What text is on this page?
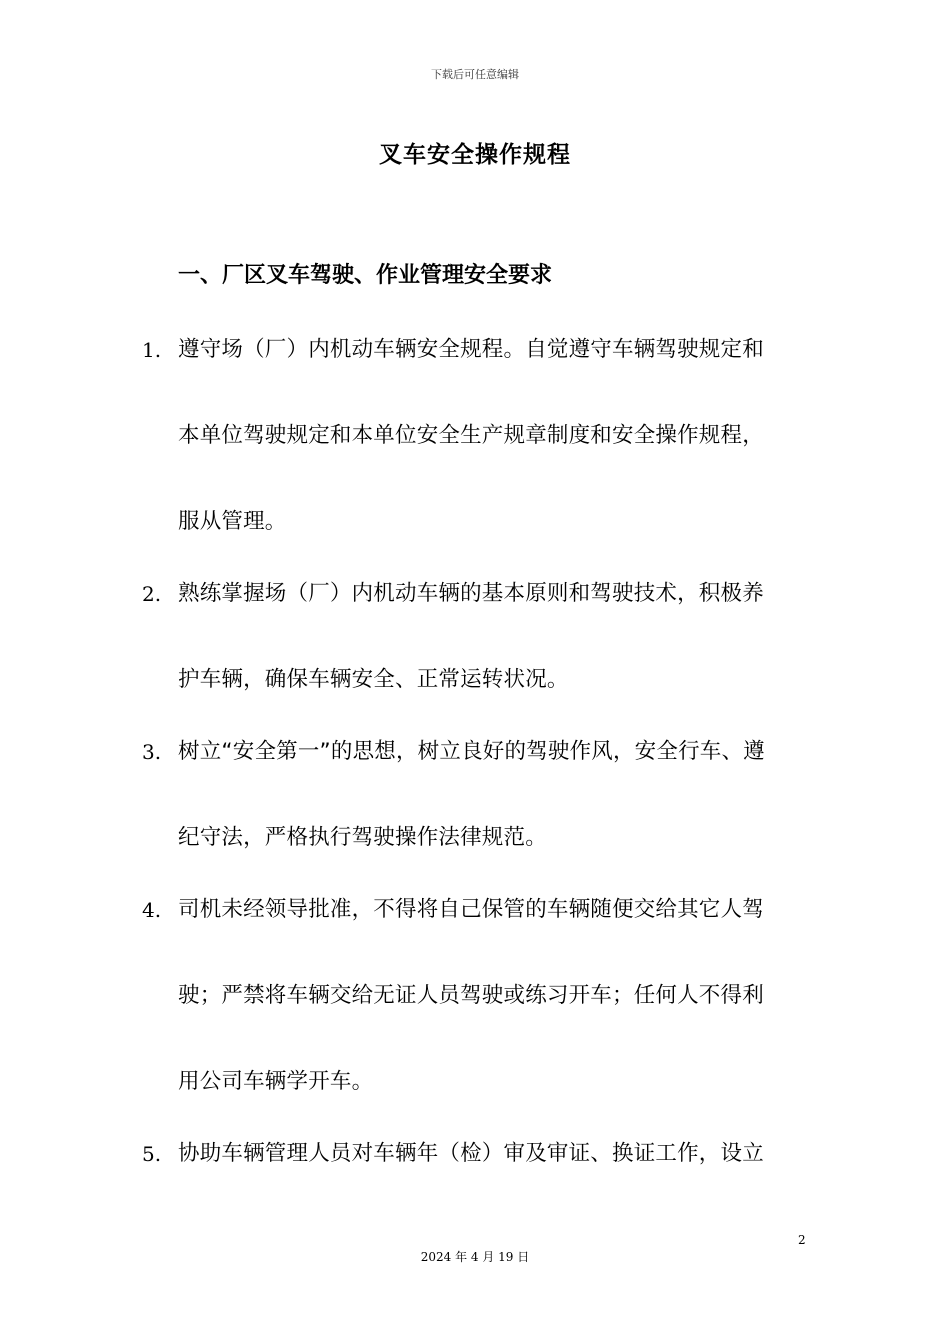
下载后可任意编辑
叉车安全操作规程
一、厂区叉车驾驶、作业管理安全要求
1. 遵守场（厂）内机动车辆安全规程。自觉遵守车辆驾驶规定和
本单位驾驶规定和本单位安全生产规章制度和安全操作规程，
服从管理。
2. 熟练掌握场（厂）内机动车辆的基本原则和驾驶技术，积极养
护车辆，确保车辆安全、正常运转状况。
3. 树立“安全第一”的思想，树立良好的驾驶作风，安全行车、遵
纪守法，严格执行驾驶操作法律规范。
4. 司机未经领导批准，不得将自己保管的车辆随便交给其它人驾
驶；严禁将车辆交给无证人员驾驶或练习开车；任何人不得利
用公司车辆学开车。
5. 协助车辆管理人员对车辆年（检）审及审证、换证工作，设立
2
2024 年 4 月 19 日
